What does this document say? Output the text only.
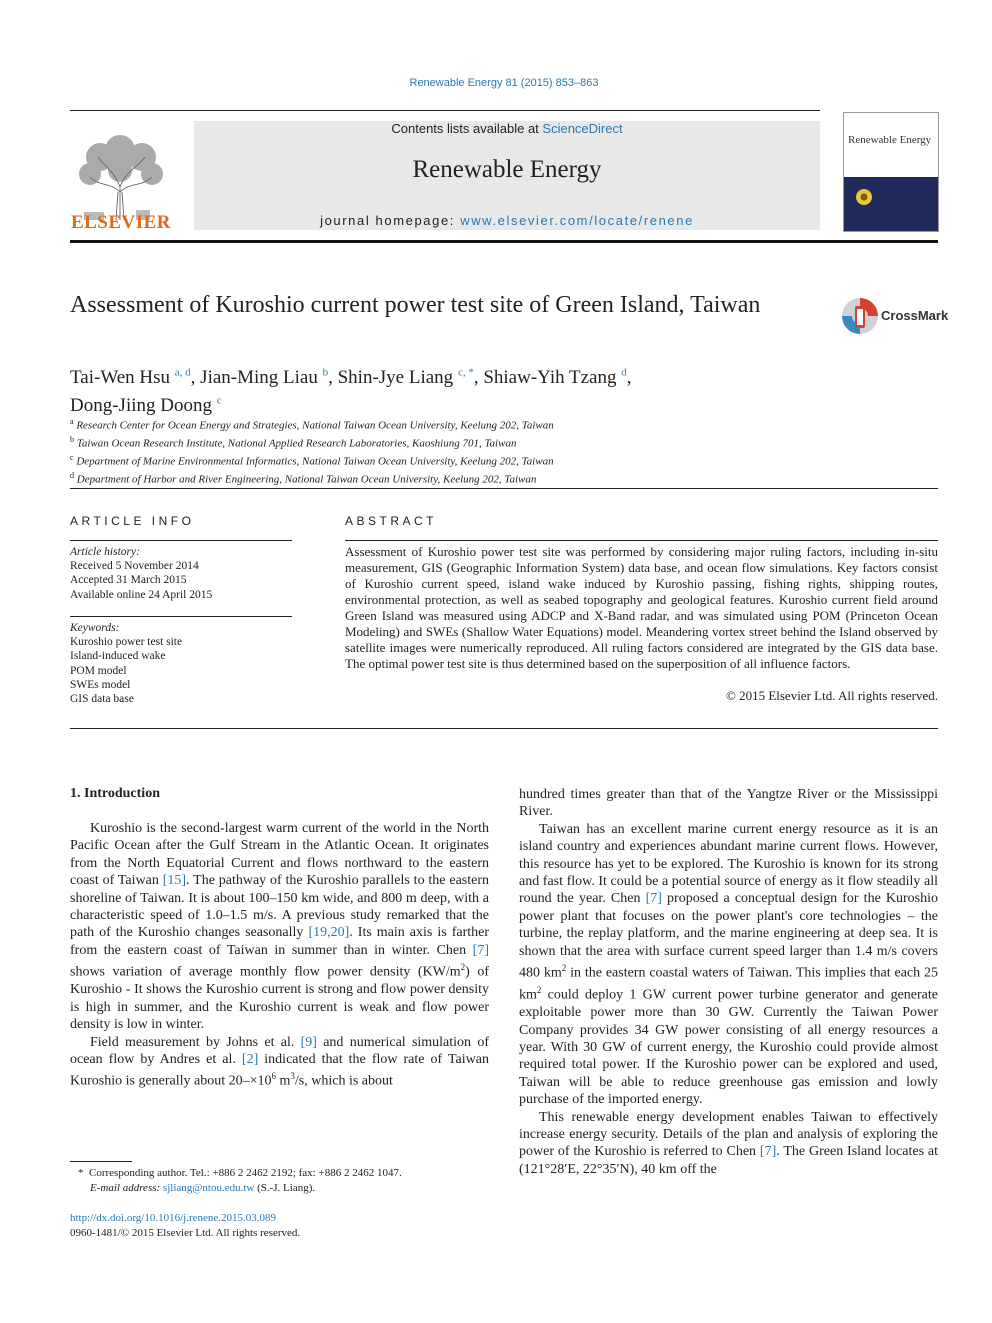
Renewable Energy 81 (2015) 853–863
ELSEVIER
Contents lists available at ScienceDirect
Renewable Energy
journal homepage: www.elsevier.com/locate/renene
Renewable Energy
Assessment of Kuroshio current power test site of Green Island, Taiwan	CrossMark
Tai-Wen Hsu $^{a, d}$, Jian-Ming Liau $^b$, Shin-Jye Liang $^{c, *}$, Shiaw-Yih Tzang $^d$,
Dong-Jiing Doong $^c$
$^a$ Research Center for Ocean Energy and Strategies, National Taiwan Ocean University, Keelung 202, Taiwan
$^b$ Taiwan Ocean Research Institute, National Applied Research Laboratories, Kaoshiung 701, Taiwan
$^c$ Department of Marine Environmental Informatics, National Taiwan Ocean University, Keelung 202, Taiwan
$^d$ Department of Harbor and River Engineering, National Taiwan Ocean University, Keelung 202, Taiwan
ARTICLE INFO
Article history:
Received 5 November 2014
Accepted 31 March 2015
Available online 24 April 2015
Keywords:
Kuroshio power test site
Island-induced wake
POM model
SWEs model
GIS data base
ABSTRACT
Assessment of Kuroshio power test site was performed by considering major ruling factors, including in-situ measurement, GIS (Geographic Information System) data base, and ocean flow simulations. Key factors consist of Kuroshio current speed, island wake induced by Kuroshio passing, fishing rights, shipping routes, environmental protection, as well as seabed topography and geological features. Kuroshio current field around Green Island was measured using ADCP and X-Band radar, and was simulated using POM (Princeton Ocean Modeling) and SWEs (Shallow Water Equations) model. Meandering vortex street behind the Island observed by satellite images were numerically reproduced. All ruling factors considered are integrated by the GIS data base. The optimal power test site is thus determined based on the superposition of all influence factors.
© 2015 Elsevier Ltd. All rights reserved.
1. Introduction

Kuroshio is the second-largest warm current of the world in the North Pacific Ocean after the Gulf Stream in the Atlantic Ocean. It originates from the North Equatorial Current and flows northward to the eastern coast of Taiwan [15]. The pathway of the Kuroshio parallels to the eastern shoreline of Taiwan. It is about 100–150 km wide, and 800 m deep, with a characteristic speed of 1.0–1.5 m/s. A previous study remarked that the path of the Kuroshio changes seasonally [19,20]. Its main axis is farther from the eastern coast of Taiwan in summer than in winter. Chen [7] shows variation of average monthly flow power density $(KW/m^2)$ of Kuroshio - It shows the Kuroshio current is strong and flow power density is high in summer, and the Kuroshio current is weak and flow power density is low in winter.

Field measurement by Johns et al. [9] and numerical simulation of ocean flow by Andres et al. [2] indicated that the flow rate of Taiwan Kuroshio is generally about $20-\times 10^6$ $m^3/s$, which is about

hundred times greater than that of the Yangtze River or the Mississippi River.

Taiwan has an excellent marine current energy resource as it is an island country and experiences abundant marine current flows. However, this resource has yet to be explored. The Kuroshio is known for its strong and fast flow. It could be a potential source of energy as it flow steadily all round the year. Chen [7] proposed a conceptual design for the Kuroshio power plant that focuses on the power plant's core technologies – the turbine, the replay platform, and the marine engineering at deep sea. It is shown that the area with surface current speed larger than 1.4 m/s covers 480 $km^2$ in the eastern coastal waters of Taiwan. This implies that each 25 $km^2$ could deploy 1 GW current power turbine generator and generate exploitable power more than 30 GW. Currently the Taiwan Power Company provides 34 GW power consisting of all energy resources a year. With 30 GW of current energy, the Kuroshio could provide almost required total power. If the Kuroshio power can be explored and used, Taiwan will be able to reduce greenhouse gas emission and lowly purchase of the imported energy.

This renewable energy development enables Taiwan to effectively increase energy security. Details of the plan and analysis of exploring the power of the Kuroshio is referred to Chen [7]. The Green Island locates at (121°28′E, 22°35′N), 40 km off the

* Corresponding author. Tel.: +886 2 2462 2192; fax: +886 2 2462 1047.
E-mail address: sjliang@ntou.edu.tw (S.-J. Liang).
http://dx.doi.org/10.1016/j.renene.2015.03.089
0960-1481/© 2015 Elsevier Ltd. All rights reserved.
